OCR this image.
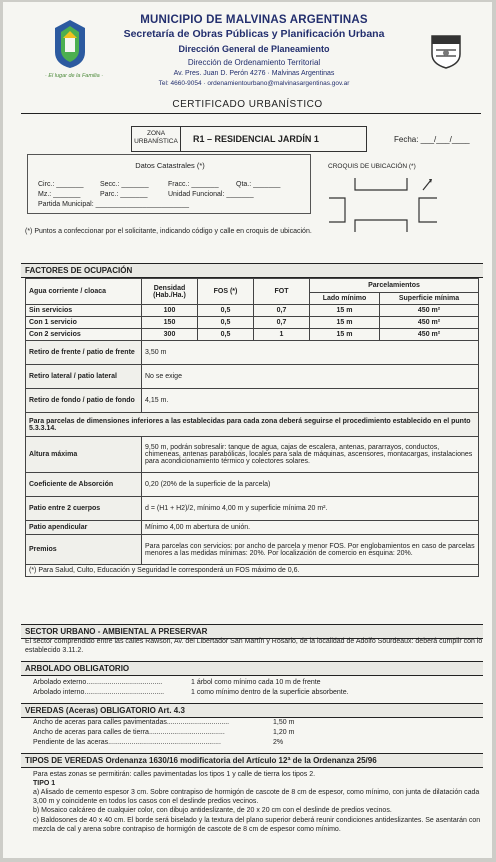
· El lugar de la Familia ·
MUNICIPIO DE MALVINAS ARGENTINAS
Secretaría de Obras Públicas y Planificación Urbana
Dirección General de Planeamiento
Dirección de Ordenamiento Territorial
Av. Pres. Juan D. Perón 4276 · Malvinas Argentinas
Tel: 4660-9054 · ordenamientourbano@malvinasargentinas.gov.ar
CERTIFICADO URBANÍSTICO
ZONA URBANÍSTICA	R1 – RESIDENCIAL JARDÍN 1	Fecha: ___/___/____
Datos Catastrales (*)
Circ.: _______ Secc.: _______	Fracc.: _______ Qta.: _______
Mz.: _______	Parc.: _______	Unidad Funcional: _______
Partida Municipal: ________________________
CROQUIS DE UBICACIÓN (*)
(*) Puntos a confeccionar por el solicitante, indicando código y calle en croquis de ubicación.
FACTORES DE OCUPACIÓN
Agua corriente / cloaca	Densidad (Hab./Ha.)	FOS (*)	FOT	Parcelamientos	
				Lado mínimo	Superficie mínima
Sin servicios	100	0,5	0,7	15 m	450 m²
Con 1 servicio	150	0,5	0,7	15 m	450 m²
Con 2 servicios	300	0,5	1	15 m	450 m²
Retiro de frente / patio de frente	3,50 m				
Retiro lateral / patio lateral	No se exige				
Retiro de fondo / patio de fondo	4,15 m.				
Para parcelas de dimensiones inferiores a las establecidas para cada zona deberá seguirse el procedimiento establecido en el punto 5.3.3.14.					
Altura máxima	9,50 m, podrán sobresalir: tanque de agua, cajas de escalera, antenas, pararrayos, conductos, chimeneas, antenas parabólicas, locales para sala de máquinas, ascensores, montacargas, instalaciones para acondicionamiento térmico y colectores solares.				
Coeficiente de Absorción	0,20 (20% de la superficie de la parcela)				
Patio entre 2 cuerpos	d = (H1 + H2)/2, mínimo 4,00 m y superficie mínima 20 m².				
Patio apendicular	Mínimo 4,00 m abertura de unión.				
Premios	Para parcelas con servicios: por ancho de parcela y menor FOS. Por englobamientos en caso de parcelas menores a las medidas mínimas: 20%. Por localización de comercio en esquina: 20%.				
(*) Para Salud, Culto, Educación y Seguridad le corresponderá un FOS máximo de 0,6.					
SECTOR URBANO - AMBIENTAL A PRESERVAR
El sector comprendido entre las calles Rawson, Av. del Libertador San Martín y Rosario, de la localidad de Adolfo Sourdeaux: deberá cumplir con lo establecido 3.11.2.
ARBOLADO OBLIGATORIO
Arbolado externo.......................................	1 árbol como mínimo cada 10 m de frente
Arbolado interno.........................................	1 como mínimo dentro de la superficie absorbente.
VEREDAS (Aceras) OBLIGATORIO Art. 4.3
Ancho de aceras para calles pavimentadas................................	1,50 m
Ancho de aceras para calles de tierra.......................................	1,20 m
Pendiente de las aceras..........................................................	2%
TIPOS DE VEREDAS Ordenanza 1630/16 modificatoria del Artículo 12ª de la Ordenanza 25/96
Para estas zonas se permitirán: calles pavimentadas los tipos 1 y calle de tierra los tipos 2.
TIPO 1
a) Alisado de cemento espesor 3 cm. Sobre contrapiso de hormigón de cascote de 8 cm de espesor, como mínimo, con junta de dilatación cada 3,00 m y coincidente en todos los casos con el deslinde predios vecinos.
b) Mosaico calcáreo de cualquier color, con dibujo antideslizante, de 20 x 20 cm con el deslinde de predios vecinos.
c) Baldosones de 40 x 40 cm. El borde será biselado y la textura del plano superior deberá reunir condiciones antideslizantes. Se asentarán con mezcla de cal y arena sobre contrapiso de hormigón de cascote de 8 cm de espesor como mínimo.
